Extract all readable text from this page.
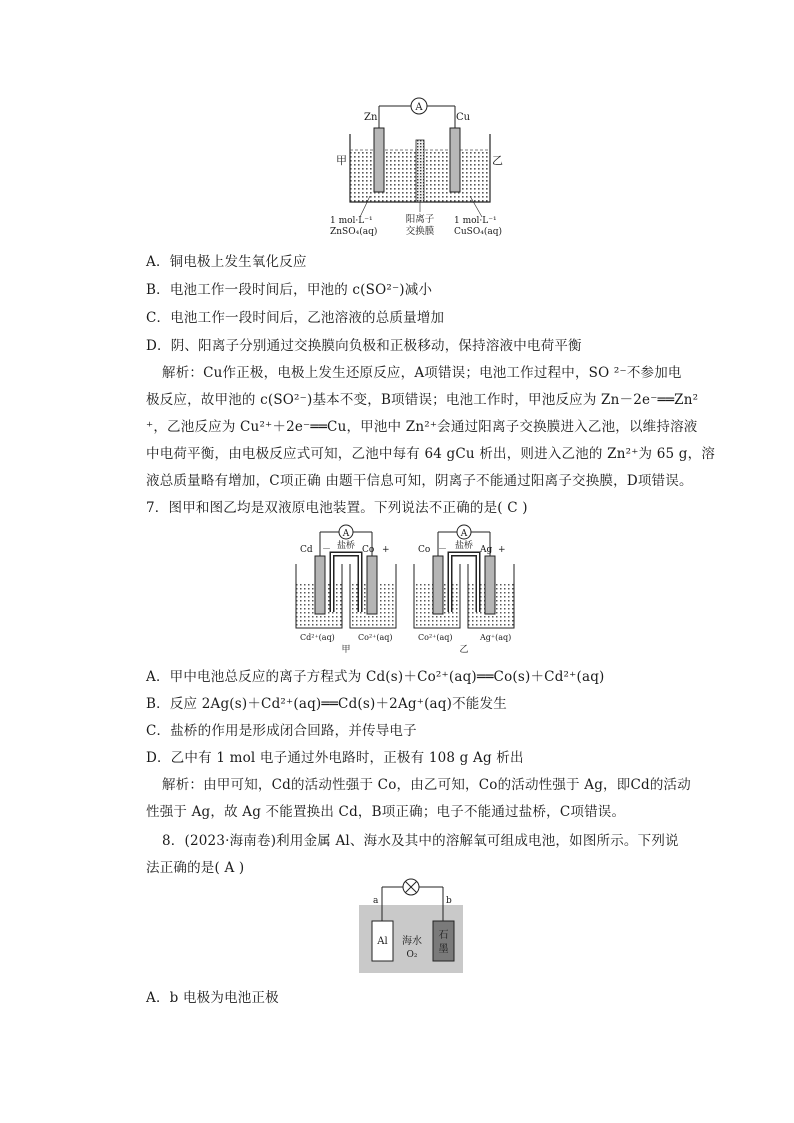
A
Zn	Cu
甲	乙
1 mol·L⁻¹
ZnSO₄(aq)
阳离子
交换膜
1 mol·L⁻¹
CuSO₄(aq)
A．铜电极上发生氧化反应
B．电池工作一段时间后，甲池的 c(SO²⁻)减小
C．电池工作一段时间后，乙池溶液的总质量增加
D．阴、阳离子分别通过交换膜向负极和正极移动，保持溶液中电荷平衡
解析：Cu作正极，电极上发生还原反应，A项错误；电池工作过程中，SO ²⁻不参加电
极反应，故甲池的 c(SO²⁻)基本不变，B项错误；电池工作时，甲池反应为 Zn－2e⁻══Zn²
⁺，乙池反应为 Cu²⁺＋2e⁻══Cu，甲池中 Zn²⁺会通过阳离子交换膜进入乙池，以维持溶液
中电荷平衡，由电极反应式可知，乙池中每有 64 gCu 析出，则进入乙池的 Zn²⁺为 65 g，溶
液总质量略有增加，C项正确 由题干信息可知，阴离子不能通过阳离子交换膜，D项错误。
7．图甲和图乙均是双液原电池装置。下列说法不正确的是( C )
A
Cd － 盐桥 Co +
Cd²⁺(aq)	Co²⁺(aq)
甲
A
Co － 盐桥 Ag +
Co²⁺(aq)	Ag⁺(aq)
乙
A．甲中电池总反应的离子方程式为 Cd(s)＋Co²⁺(aq)══Co(s)＋Cd²⁺(aq)
B．反应 2Ag(s)＋Cd²⁺(aq)══Cd(s)＋2Ag⁺(aq)不能发生
C．盐桥的作用是形成闭合回路，并传导电子
D．乙中有 1 mol 电子通过外电路时，正极有 108 g Ag 析出
解析：由甲可知，Cd的活动性强于 Co，由乙可知，Co的活动性强于 Ag，即Cd的活动
性强于 Ag，故 Ag 不能置换出 Cd，B项正确；电子不能通过盐桥，C项错误。
8．(2023·海南卷)利用金属 Al、海水及其中的溶解氧可组成电池，如图所示。下列说
法正确的是( A )
a	b
Al 海水
O₂
石
墨
A．b 电极为电池正极
